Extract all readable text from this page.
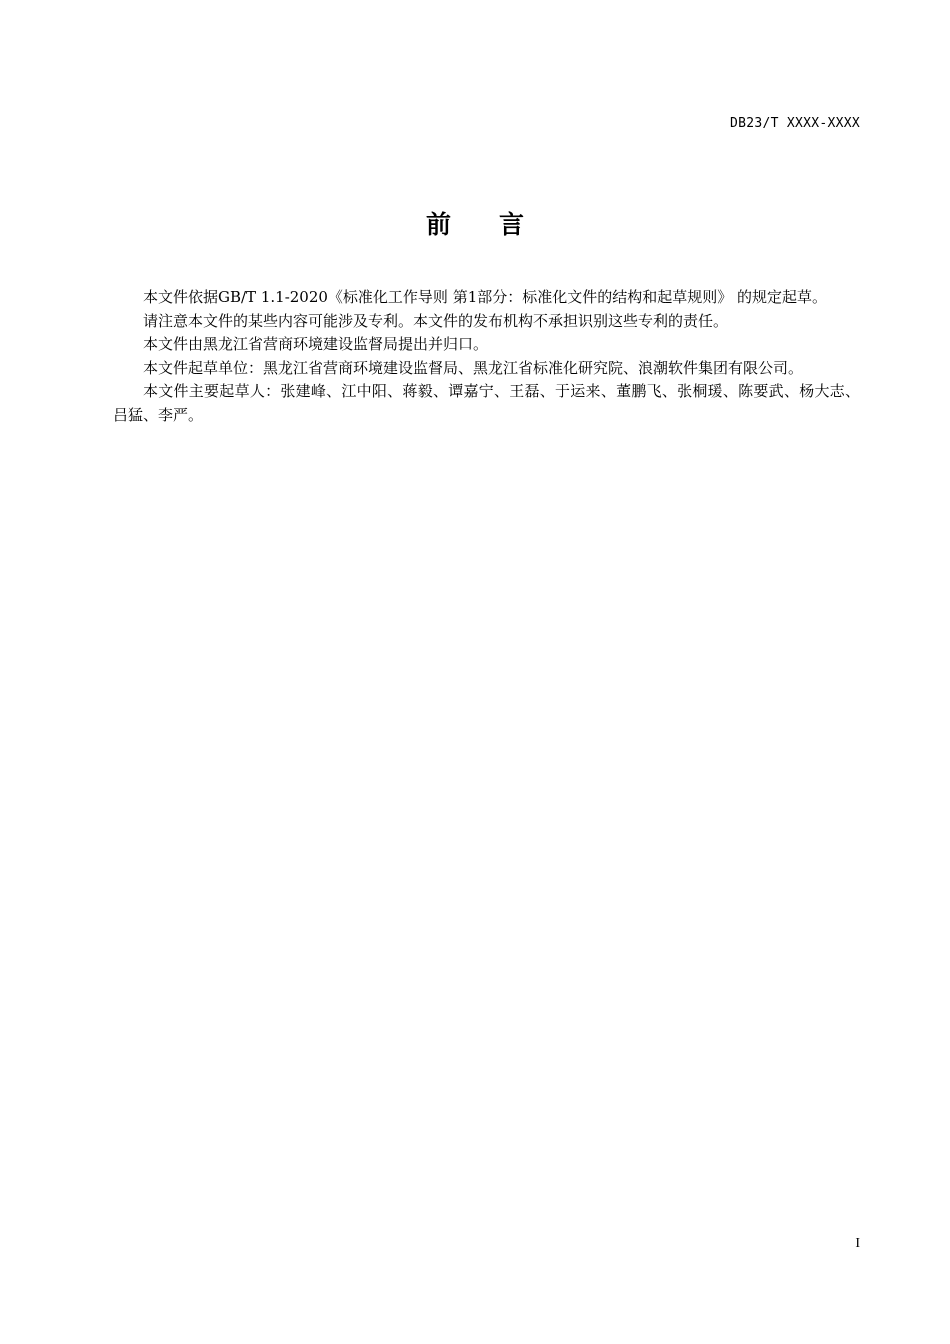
DB23/T XXXX-XXXX
前言

本文件依据GB/T 1.1-2020《标准化工作导则 第1部分：标准化文件的结构和起草规则》 的规定起草。

请注意本文件的某些内容可能涉及专利。本文件的发布机构不承担识别这些专利的责任。

本文件由黑龙江省营商环境建设监督局提出并归口。

本文件起草单位：黑龙江省营商环境建设监督局、黑龙江省标准化研究院、浪潮软件集团有限公司。

本文件主要起草人：张建峰、江中阳、蒋毅、谭嘉宁、王磊、于运来、董鹏飞、张桐瑗、陈要武、杨大志、吕猛、李严。

I
